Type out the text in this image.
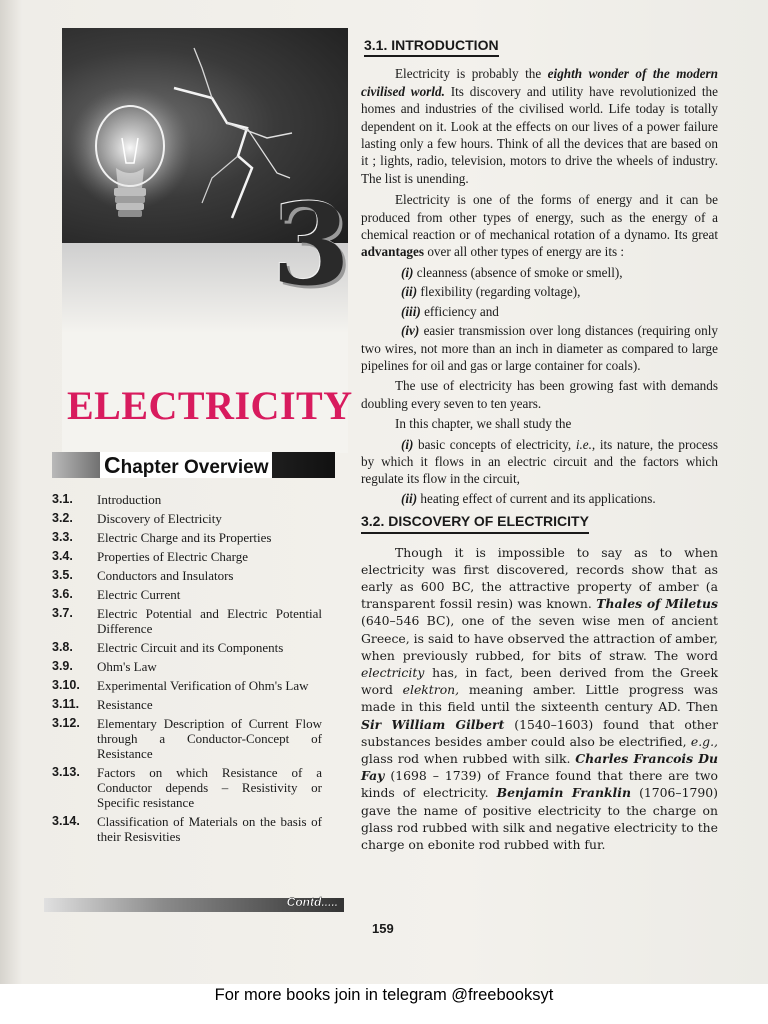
3
ELECTRICITY
Chapter Overview
3.1.	Introduction
3.2.	Discovery of Electricity
3.3.	Electric Charge and its Properties
3.4.	Properties of Electric Charge
3.5.	Conductors and Insulators
3.6.	Electric Current
3.7.	Electric Potential and Electric Potential Difference
3.8.	Electric Circuit and its Components
3.9.	Ohm's Law
3.10.	Experimental Verification of Ohm's Law
3.11.	Resistance
3.12.	Elementary Description of Current Flow through a Conductor-Concept of Resistance
3.13.	Factors on which Resistance of a Conductor depends – Resistivity or Specific resistance
3.14.	Classification of Materials on the basis of their Resisvities
Contd.....
3.1. INTRODUCTION

Electricity is probably the eighth wonder of the modern civilised world. Its discovery and utility have revolutionized the homes and industries of the civilised world. Life today is totally dependent on it. Look at the effects on our lives of a power failure lasting only a few hours. Think of all the devices that are based on it ; lights, radio, television, motors to drive the wheels of industry. The list is unending.

Electricity is one of the forms of energy and it can be produced from other types of energy, such as the energy of a chemical reaction or of mechanical rotation of a dynamo. Its great advantages over all other types of energy are its :

(i) cleanness (absence of smoke or smell),

(ii) flexibility (regarding voltage),

(iii) efficiency and

(iv) easier transmission over long distances (requiring only two wires, not more than an inch in diameter as compared to large pipelines for oil and gas or large container for coals).

The use of electricity has been growing fast with demands doubling every seven to ten years.

In this chapter, we shall study the

(i) basic concepts of electricity, i.e., its nature, the process by which it flows in an electric circuit and the factors which regulate its flow in the circuit,

(ii) heating effect of current and its applications.

3.2. DISCOVERY OF ELECTRICITY

Though it is impossible to say as to when electricity was first discovered, records show that as early as 600 BC, the attractive property of amber (a transparent fossil resin) was known. Thales of Miletus (640–546 BC), one of the seven wise men of ancient Greece, is said to have observed the attraction of amber, when previously rubbed, for bits of straw. The word electricity has, in fact, been derived from the Greek word elektron, meaning amber. Little progress was made in this field until the sixteenth century AD. Then Sir William Gilbert (1540–1603) found that other substances besides amber could also be electrified, e.g., glass rod when rubbed with silk. Charles Francois Du Fay (1698 – 1739) of France found that there are two kinds of electricity. Benjamin Franklin (1706–1790) gave the name of positive electricity to the charge on glass rod rubbed with silk and negative electricity to the charge on ebonite rod rubbed with fur.

159
For more books join in telegram @freebooksyt
